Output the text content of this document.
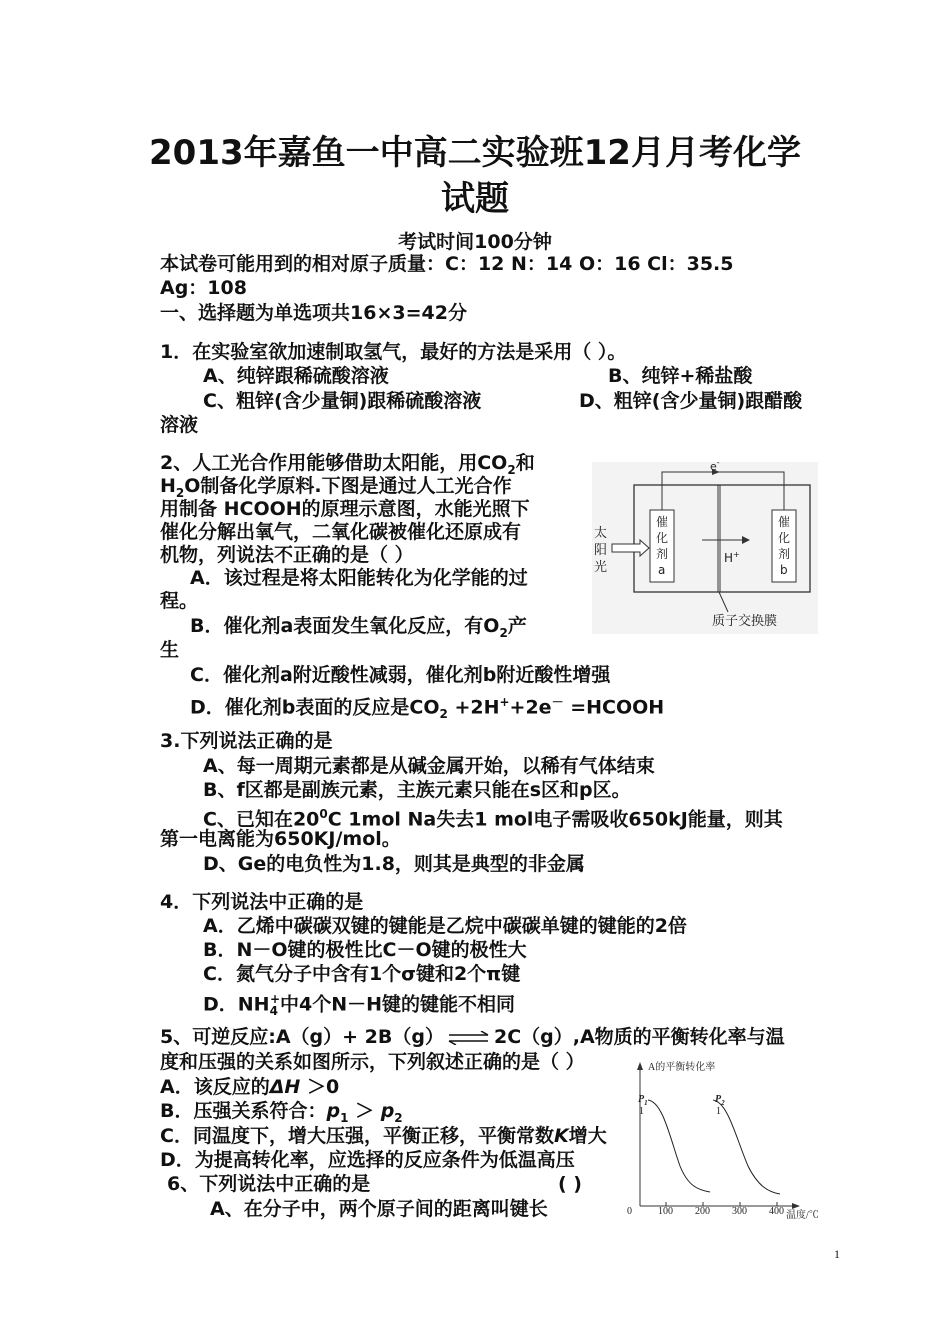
2013年嘉鱼一中高二实验班12月月考化学
试题
考试时间100分钟
本试卷可能用到的相对原子质量：C：12 N：14 O：16 Cl：35.5
Ag：108
一、选择题为单选项共16×3=42分
1．在实验室欲加速制取氢气，最好的方法是采用（ ）。
A、纯锌跟稀硫酸溶液	B、纯锌+稀盐酸
C、粗锌(含少量铜)跟稀硫酸溶液	D、粗锌(含少量铜)跟醋酸
溶液
2、人工光合作用能够借助太阳能，用$CO_2$和
$H_2O$制备化学原料.下图是通过人工光合作
用制备 HCOOH的原理示意图，水能光照下
催化分解出氧气，二氧化碳被催化还原成有
机物，列说法不正确的是（ ）
A．该过程是将太阳能转化为化学能的过
程。
B．催化剂a表面发生氧化反应，有$O_2$产
生
C．催化剂a附近酸性减弱，催化剂b附近酸性增强
D．催化剂b表面的反应是$CO_2 +2H^++2e^-$ =HCOOH
e-
催
化
剂
a
催
化
剂
b
太
阳
光
H+
质子交换膜
3.下列说法正确的是
A、每一周期元素都是从碱金属开始，以稀有气体结束
B、f区都是副族元素，主族元素只能在s区和p区。
C、已知在$20^0C$ 1mol Na失去1 mol电子需吸收650kJ能量，则其
第一电离能为650KJ/mol。
D、Ge的电负性为1.8，则其是典型的非金属
4．下列说法中正确的是
A．乙烯中碳碳双键的键能是乙烷中碳碳单键的键能的2倍
B．N－O键的极性比C－O键的极性大
C．氮气分子中含有1个σ键和2个π键
D．$NH_4^+$中4个N－H键的键能不相同
5、可逆反应:A（g）+ 2B（g） ⇌ 2C（g）,A物质的平衡转化率与温
度和压强的关系如图所示，下列叙述正确的是（ ）
A．该反应的ΔH ＞0
B．压强关系符合：$p_1 > p_2$
C．同温度下，增大压强，平衡正移，平衡常数K增大
D．为提高转化率，应选择的反应条件为低温高压
A的平衡转化率
温度/℃
0	100 200 300 400
$P_1$
1
$P_2$
1
6、下列说法中正确的是	( )
A、在分子中，两个原子间的距离叫键长
1
